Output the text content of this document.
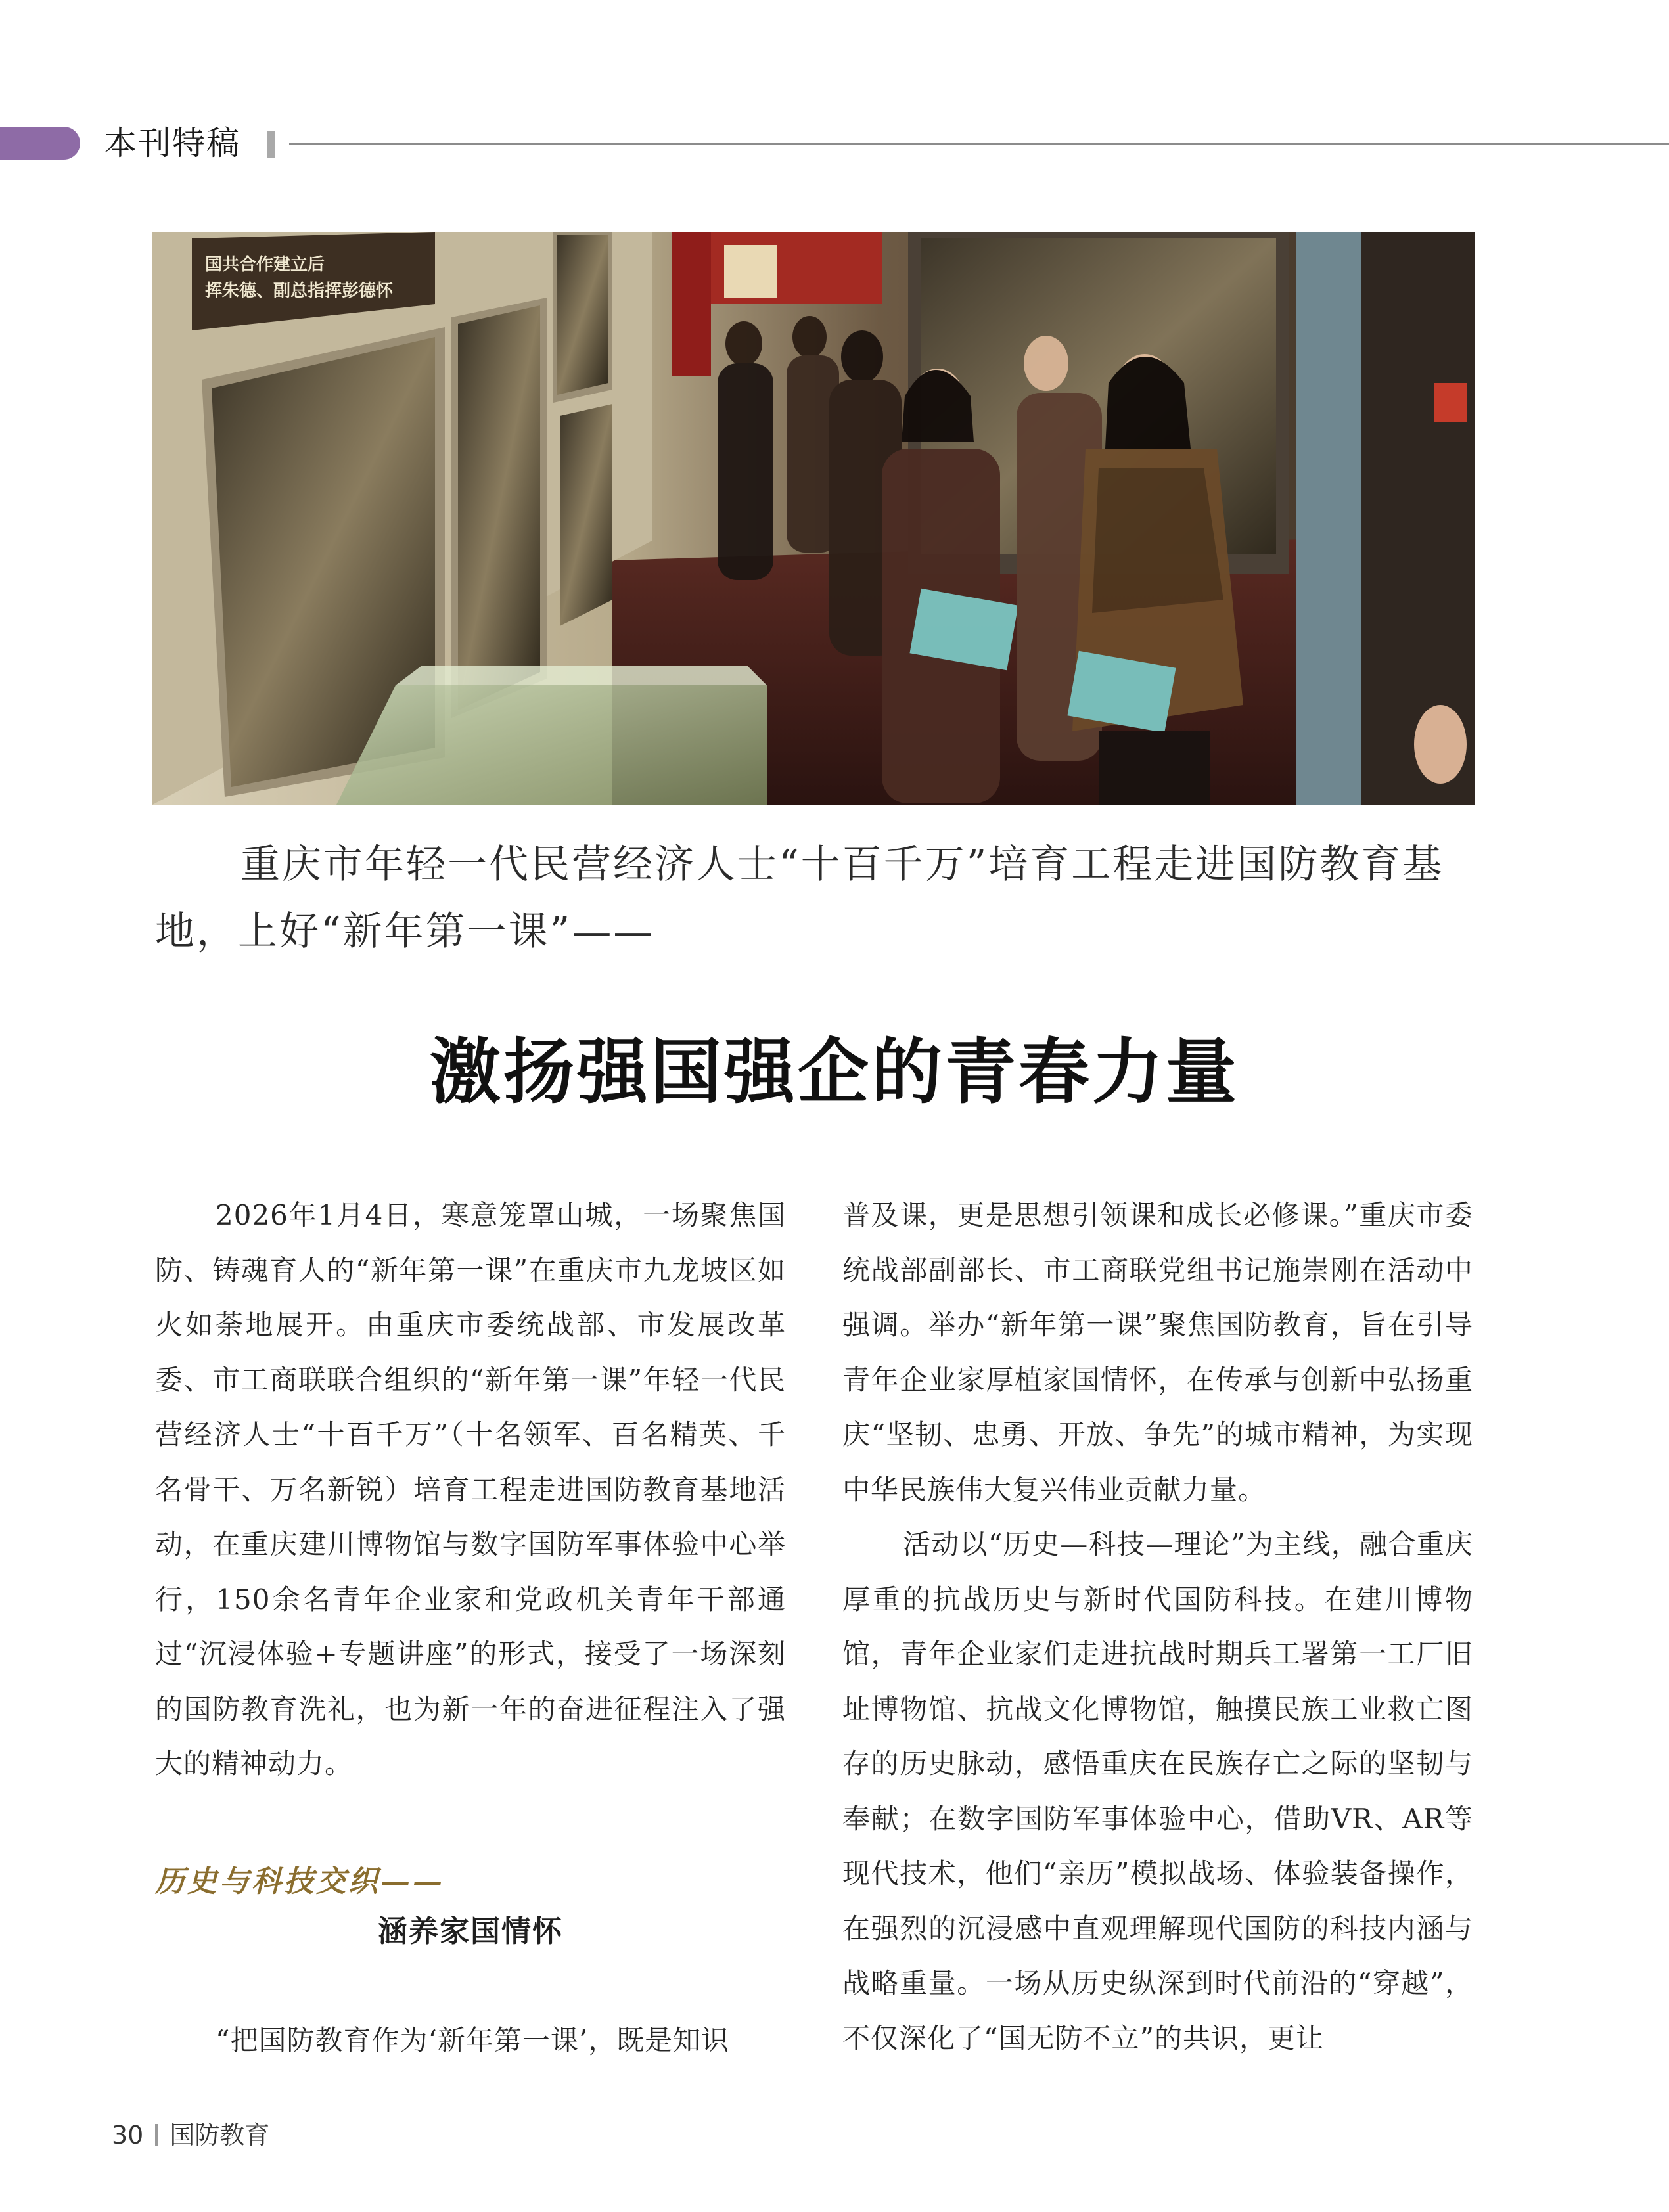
本刊特稿
国共合作建立后
挥朱德、副总指挥彭德怀

重庆市年轻一代民营经济人士“十百千万”培育工程走进国防教育基地，上好“新年第一课”——

激扬强国强企的青春力量

2026年1月4日，寒意笼罩山城，一场聚焦国防、铸魂育人的“新年第一课”在重庆市九龙坡区如火如荼地展开。由重庆市委统战部、市发展改革委、市工商联联合组织的“新年第一课”年轻一代民营经济人士“十百千万”（十名领军、百名精英、千名骨干、万名新锐）培育工程走进国防教育基地活动，在重庆建川博物馆与数字国防军事体验中心举行，150余名青年企业家和党政机关青年干部通过“沉浸体验+专题讲座”的形式，接受了一场深刻的国防教育洗礼，也为新一年的奋进征程注入了强大的精神动力。

历史与科技交织——
涵养家国情怀

“把国防教育作为‘新年第一课’，既是知识

普及课，更是思想引领课和成长必修课。”重庆市委统战部副部长、市工商联党组书记施崇刚在活动中强调。举办“新年第一课”聚焦国防教育，旨在引导青年企业家厚植家国情怀，在传承与创新中弘扬重庆“坚韧、忠勇、开放、争先”的城市精神，为实现中华民族伟大复兴伟业贡献力量。

活动以“历史—科技—理论”为主线，融合重庆厚重的抗战历史与新时代国防科技。在建川博物馆，青年企业家们走进抗战时期兵工署第一工厂旧址博物馆、抗战文化博物馆，触摸民族工业救亡图存的历史脉动，感悟重庆在民族存亡之际的坚韧与奉献；在数字国防军事体验中心，借助VR、AR等现代技术，他们“亲历”模拟战场、体验装备操作，在强烈的沉浸感中直观理解现代国防的科技内涵与战略重量。一场从历史纵深到时代前沿的“穿越”，不仅深化了“国无防不立”的共识，更让

30 国防教育
